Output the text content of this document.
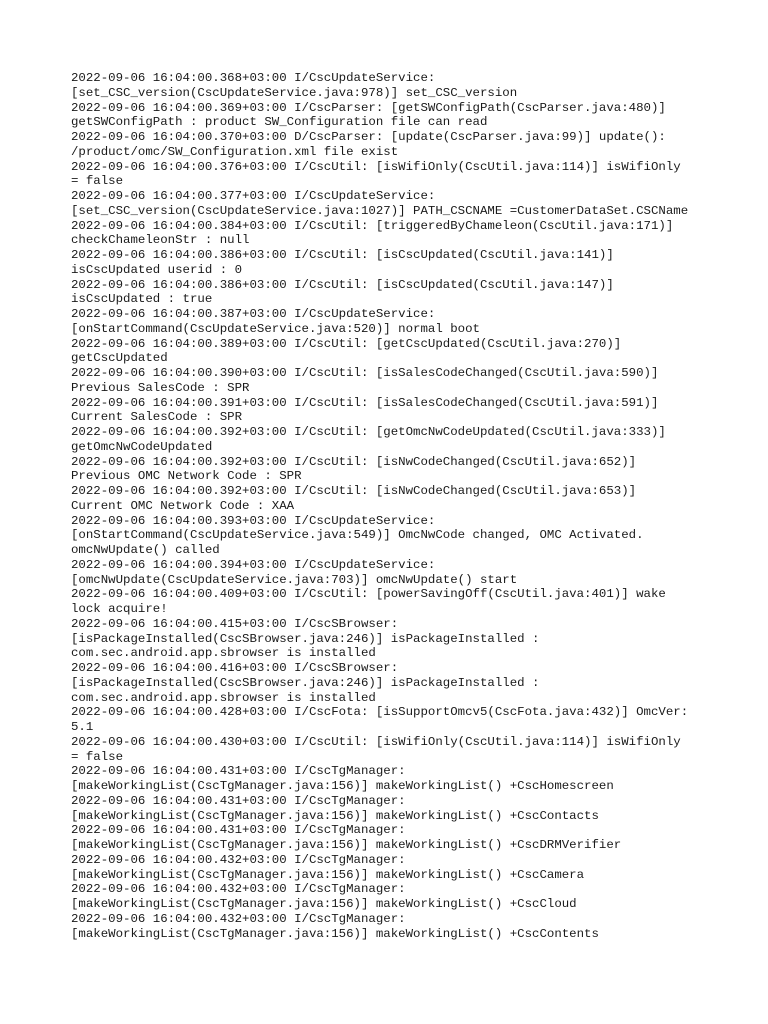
2022-09-06 16:04:00.368+03:00 I/CscUpdateService:
[set_CSC_version(CscUpdateService.java:978)] set_CSC_version
2022-09-06 16:04:00.369+03:00 I/CscParser: [getSWConfigPath(CscParser.java:480)]
getSWConfigPath : product SW_Configuration file can read
2022-09-06 16:04:00.370+03:00 D/CscParser: [update(CscParser.java:99)] update():
/product/omc/SW_Configuration.xml file exist
2022-09-06 16:04:00.376+03:00 I/CscUtil: [isWifiOnly(CscUtil.java:114)] isWifiOnly
= false
2022-09-06 16:04:00.377+03:00 I/CscUpdateService:
[set_CSC_version(CscUpdateService.java:1027)] PATH_CSCNAME =CustomerDataSet.CSCName
2022-09-06 16:04:00.384+03:00 I/CscUtil: [triggeredByChameleon(CscUtil.java:171)]
checkChameleonStr : null
2022-09-06 16:04:00.386+03:00 I/CscUtil: [isCscUpdated(CscUtil.java:141)]
isCscUpdated userid : 0
2022-09-06 16:04:00.386+03:00 I/CscUtil: [isCscUpdated(CscUtil.java:147)]
isCscUpdated : true
2022-09-06 16:04:00.387+03:00 I/CscUpdateService:
[onStartCommand(CscUpdateService.java:520)] normal boot
2022-09-06 16:04:00.389+03:00 I/CscUtil: [getCscUpdated(CscUtil.java:270)]
getCscUpdated
2022-09-06 16:04:00.390+03:00 I/CscUtil: [isSalesCodeChanged(CscUtil.java:590)]
Previous SalesCode : SPR
2022-09-06 16:04:00.391+03:00 I/CscUtil: [isSalesCodeChanged(CscUtil.java:591)]
Current SalesCode : SPR
2022-09-06 16:04:00.392+03:00 I/CscUtil: [getOmcNwCodeUpdated(CscUtil.java:333)]
getOmcNwCodeUpdated
2022-09-06 16:04:00.392+03:00 I/CscUtil: [isNwCodeChanged(CscUtil.java:652)]
Previous OMC Network Code : SPR
2022-09-06 16:04:00.392+03:00 I/CscUtil: [isNwCodeChanged(CscUtil.java:653)]
Current OMC Network Code : XAA
2022-09-06 16:04:00.393+03:00 I/CscUpdateService:
[onStartCommand(CscUpdateService.java:549)] OmcNwCode changed, OMC Activated.
omcNwUpdate() called
2022-09-06 16:04:00.394+03:00 I/CscUpdateService:
[omcNwUpdate(CscUpdateService.java:703)] omcNwUpdate() start
2022-09-06 16:04:00.409+03:00 I/CscUtil: [powerSavingOff(CscUtil.java:401)] wake
lock acquire!
2022-09-06 16:04:00.415+03:00 I/CscSBrowser:
[isPackageInstalled(CscSBrowser.java:246)] isPackageInstalled :
com.sec.android.app.sbrowser is installed
2022-09-06 16:04:00.416+03:00 I/CscSBrowser:
[isPackageInstalled(CscSBrowser.java:246)] isPackageInstalled :
com.sec.android.app.sbrowser is installed
2022-09-06 16:04:00.428+03:00 I/CscFota: [isSupportOmcv5(CscFota.java:432)] OmcVer:
5.1
2022-09-06 16:04:00.430+03:00 I/CscUtil: [isWifiOnly(CscUtil.java:114)] isWifiOnly
= false
2022-09-06 16:04:00.431+03:00 I/CscTgManager:
[makeWorkingList(CscTgManager.java:156)] makeWorkingList() +CscHomescreen
2022-09-06 16:04:00.431+03:00 I/CscTgManager:
[makeWorkingList(CscTgManager.java:156)] makeWorkingList() +CscContacts
2022-09-06 16:04:00.431+03:00 I/CscTgManager:
[makeWorkingList(CscTgManager.java:156)] makeWorkingList() +CscDRMVerifier
2022-09-06 16:04:00.432+03:00 I/CscTgManager:
[makeWorkingList(CscTgManager.java:156)] makeWorkingList() +CscCamera
2022-09-06 16:04:00.432+03:00 I/CscTgManager:
[makeWorkingList(CscTgManager.java:156)] makeWorkingList() +CscCloud
2022-09-06 16:04:00.432+03:00 I/CscTgManager:
[makeWorkingList(CscTgManager.java:156)] makeWorkingList() +CscContents
